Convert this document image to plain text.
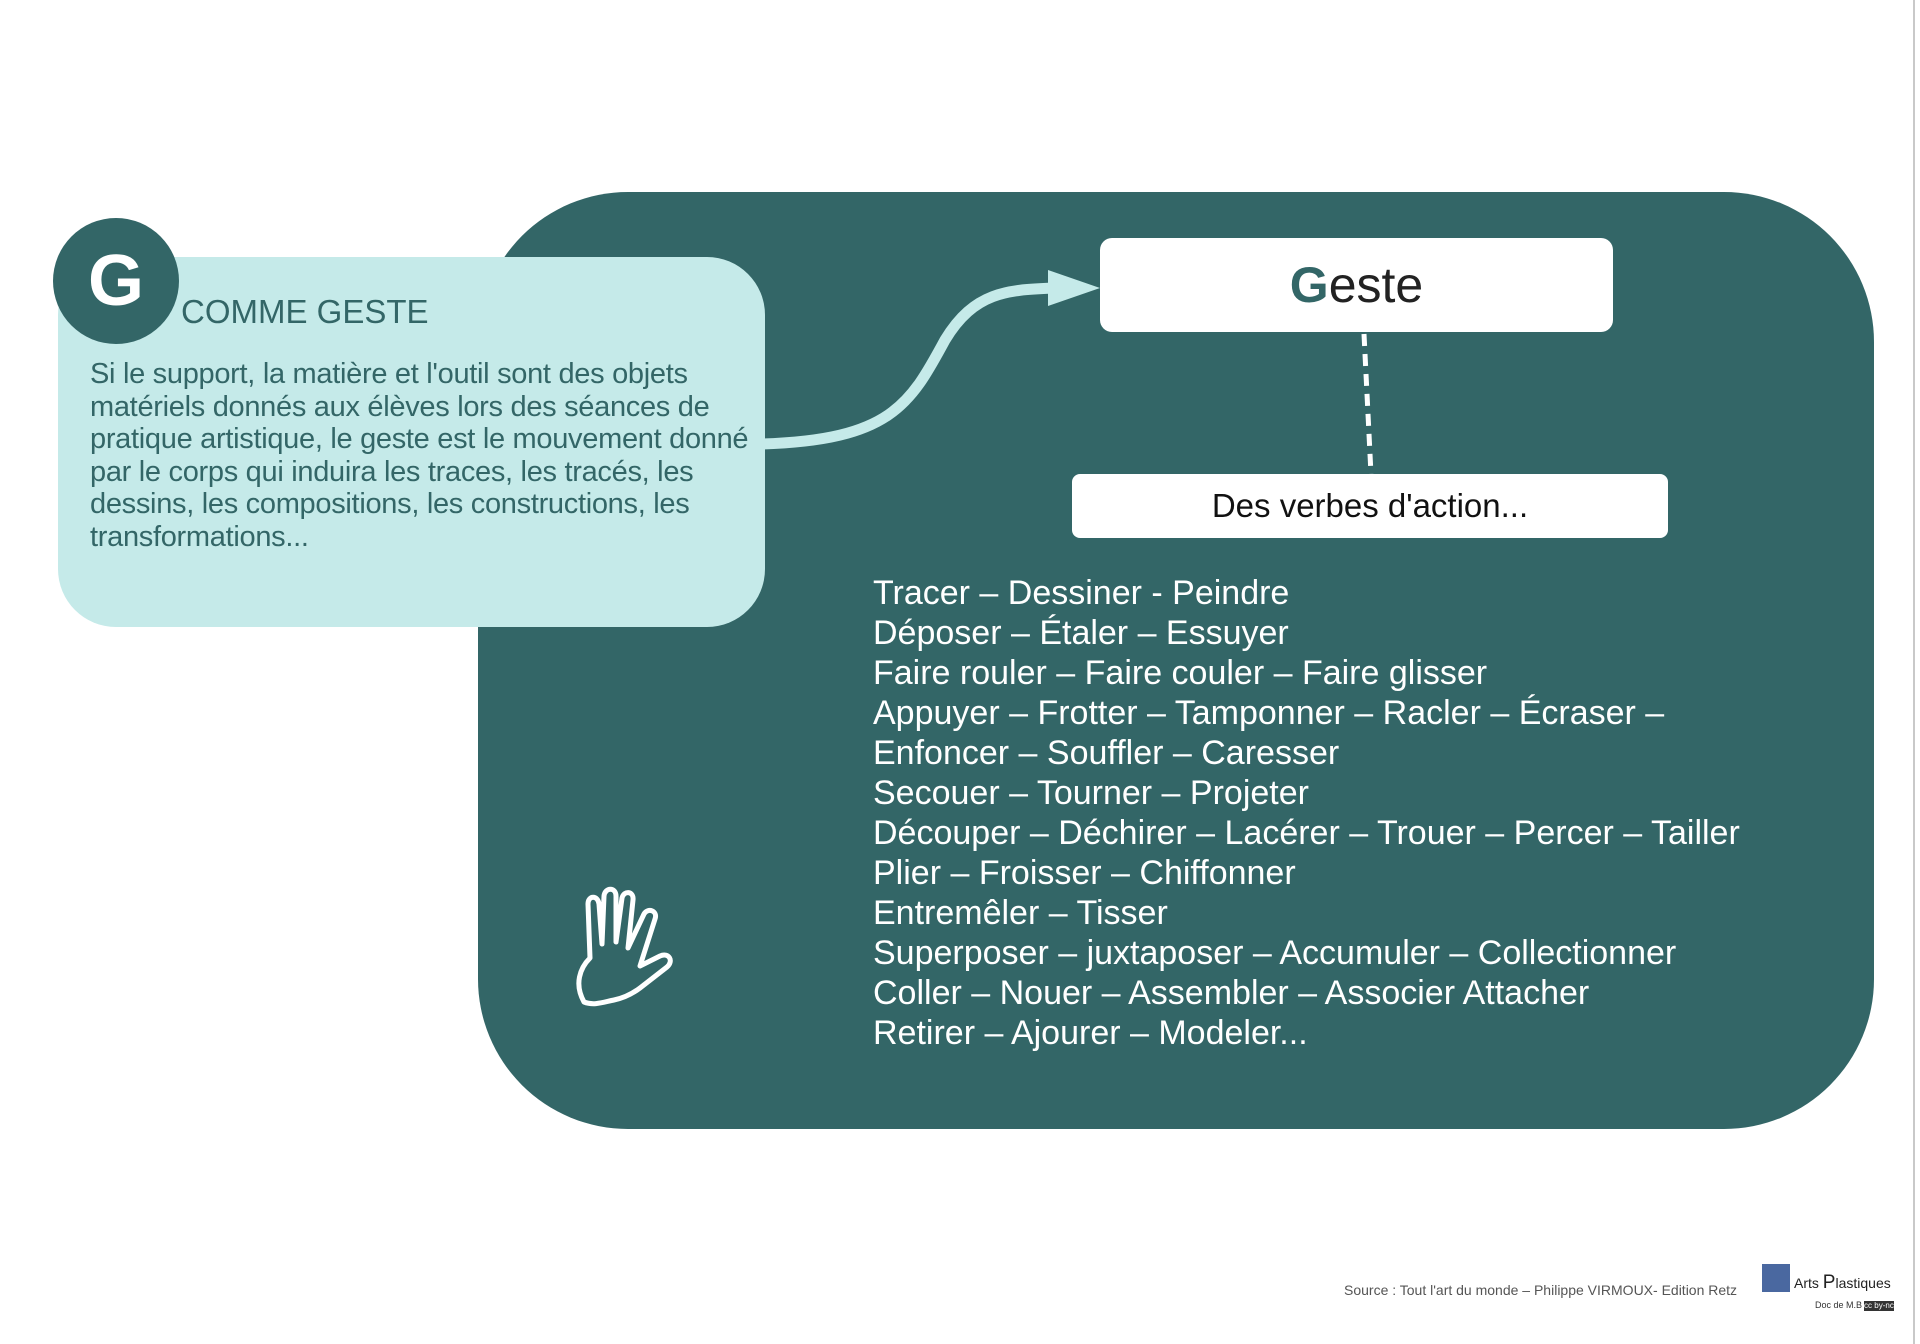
G	COMME GESTE
Si le support, la matière et l'outil sont des objets matériels donnés aux élèves lors des séances de pratique artistique, le geste est le mouvement donné par le corps qui induira les traces, les tracés, les dessins, les compositions, les constructions, les transformations...
Geste
Des verbes d'action...
Tracer – Dessiner - Peindre
Déposer – Étaler – Essuyer
Faire rouler – Faire couler – Faire glisser
Appuyer – Frotter – Tamponner – Racler – Écraser –
Enfoncer – Souffler – Caresser
Secouer – Tourner – Projeter
Découper – Déchirer – Lacérer – Trouer – Percer – Tailler
Plier – Froisser – Chiffonner
Entremêler – Tisser
Superposer – juxtaposer – Accumuler – Collectionner
Coller – Nouer – Assembler – Associer Attacher
Retirer – Ajourer – Modeler...
Source : Tout l'art du monde – Philippe VIRMOUX- Edition Retz	Arts Plastiques
Doc de M.B cc by-nc-sa
